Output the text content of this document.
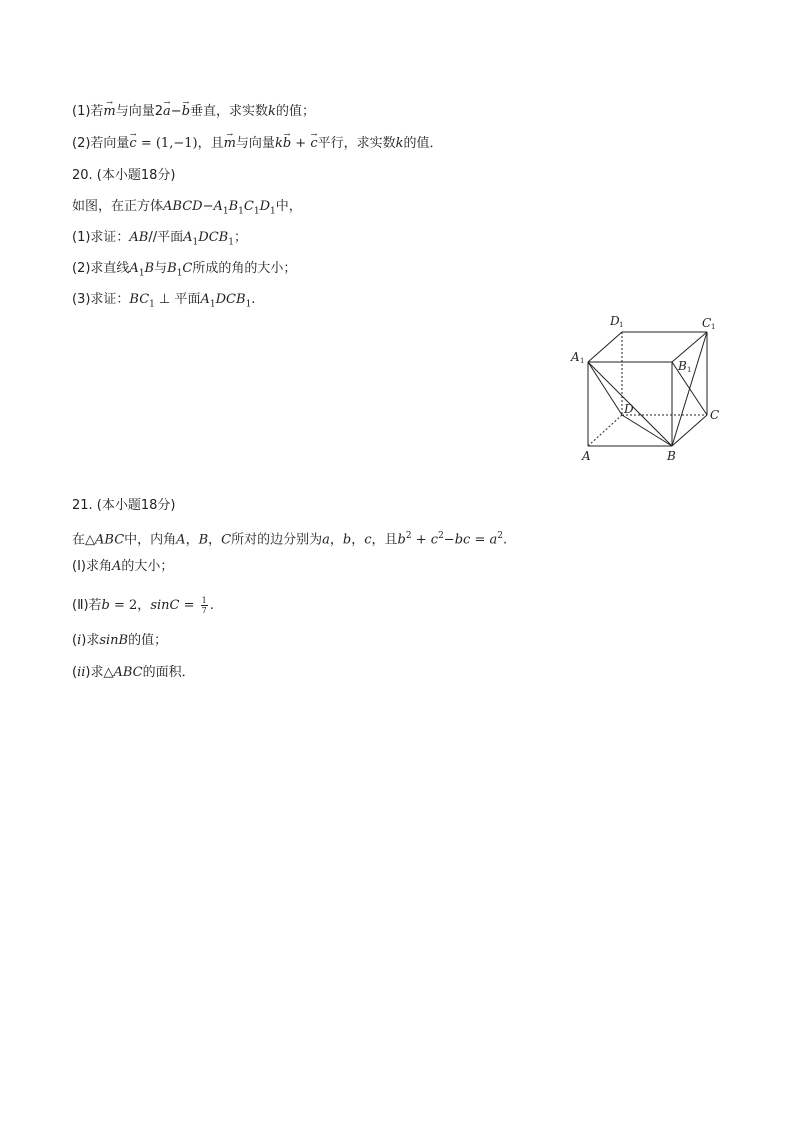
(1)若→ m与向量2→ a−→ b垂直，求实数k的值；
(2)若向量→ c = (1,−1)，且→ m与向量k→ b + → c平行，求实数k的值．
20. (本小题18分)
如图，在正方体$ABCD-A_1B_1C_1D_1$中，
(1)求证：AB//平面$A_1DCB_1$；
(2)求直线$A_1B$与$B_1C$所成的角的大小；
(3)求证：$BC_1$ ⊥ 平面$A_1DCB_1$.
D 1	C 1
A 1	B 1
D	C
A	B
21. (本小题18分)
在△ABC中，内角A，B，C所对的边分别为a，b，c，且$b^2 + c^2-bc = a^2$.
(Ⅰ)求角A的大小；
(Ⅱ)若b = 2，$\sin C = \frac{1}{7}$ .
(i)求sinB的值；
(ii)求△ABC的面积．
